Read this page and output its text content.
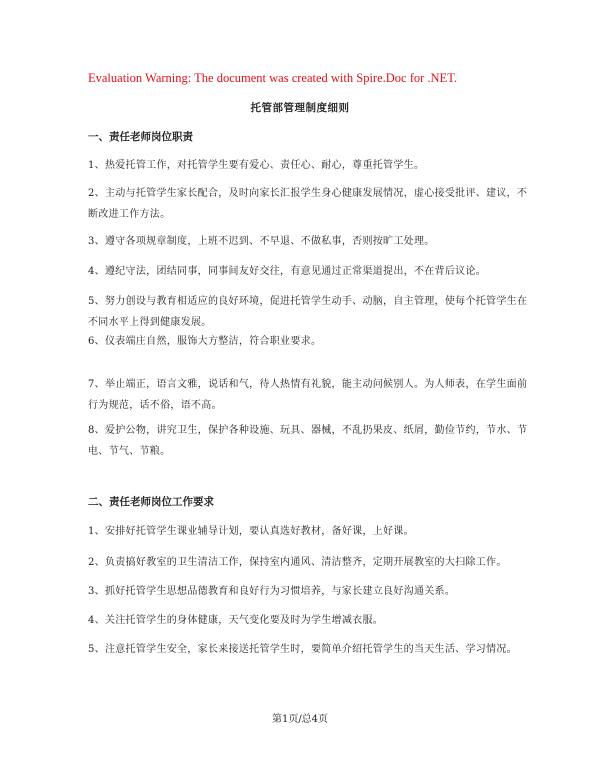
Evaluation Warning: The document was created with Spire.Doc for .NET.
托管部管理制度细则
一、责任老师岗位职责
1、热爱托管工作，对托管学生要有爱心、责任心、耐心，尊重托管学生。
2、主动与托管学生家长配合，及时向家长汇报学生身心健康发展情况，虚心接受批评、建议，不断改进工作方法。
3、遵守各项规章制度，上班不迟到、不早退、不做私事，否则按旷工处理。
4、遵纪守法，团结同事，同事间友好交往，有意见通过正常渠道提出，不在背后议论。
5、努力创设与教育相适应的良好环境，促进托管学生动手、动脑，自主管理，使每个托管学生在不同水平上得到健康发展。
6、仪表端庄自然，服饰大方整洁，符合职业要求。
7、举止端正，语言文雅，说话和气，待人热情有礼貌，能主动问候别人。为人师表，在学生面前行为规范，话不俗，语不高。
8、爱护公物，讲究卫生，保护各种设施、玩具、器械，不乱扔果皮、纸屑，勤俭节约，节水、节电、节气、节粮。
二、责任老师岗位工作要求
1、安排好托管学生课业辅导计划，要认真选好教材，备好课，上好课。
2、负责搞好教室的卫生清洁工作，保持室内通风、清洁整齐，定期开展教室的大扫除工作。
3、抓好托管学生思想品德教育和良好行为习惯培养，与家长建立良好沟通关系。
4、关注托管学生的身体健康，天气变化要及时为学生增减衣服。
5、注意托管学生安全，家长来接送托管学生时，要简单介绍托管学生的当天生活、学习情况。
第1页/总4页
